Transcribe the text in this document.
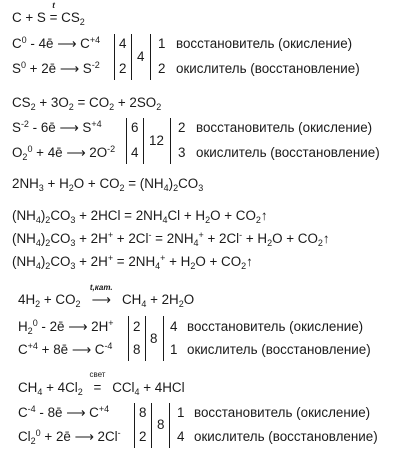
C + S
t
= $CS_2$
$C^0$ - 4ē ⟶ $C^{+4}$
$S^0$ + 2ē ⟶ $S^{-2}$
4
2
4
1
2
восстановитель (окисление)
окислитель (восстановление)
$CS_2 + 3O_2 = CO_2 + 2SO_2$
$S^{-2}$ - 6ē ⟶ $S^{+4}$
$O_2^0$ + 4ē ⟶ $2O^{-2}$
6
4
12
2
3
восстановитель (окисление)
окислитель (восстановление)
$2NH_3 + H_2O + CO_2 = (NH_4)_2CO_3$
$(NH_4)_2CO_3 + 2HCl = 2NH_4Cl + H_2O$ + $CO_2↑$
$(NH_4)_2CO_3 + 2H^+ + 2Cl^- = 2NH_4^+ + 2Cl^- + H_2O$ + $CO_2↑$
$(NH_4)_2CO_3 + 2H^+ = 2NH_4^+ + H_2O$ + $CO_2↑$
$4H_2 + CO_2$
t,кат.
⟶ $CH_4 + 2H_2O$
$H_2^0$ - 2ē ⟶ 2H+
$C^{+4}$ + 8ē ⟶ $C^{-4}$
2
8
8
4
1
восстановитель (окисление)
окислитель (восстановление)
$CH_4 + 4Cl_2$
свет
= CCl$_4$ + 4HCl
$C^{-4}$ - 8ē ⟶ $C^{+4}$
$Cl_2^0$ + 2ē ⟶ 2Cl-
8
2
8
1
4
восстановитель (окисление)
окислитель (восстановление)
